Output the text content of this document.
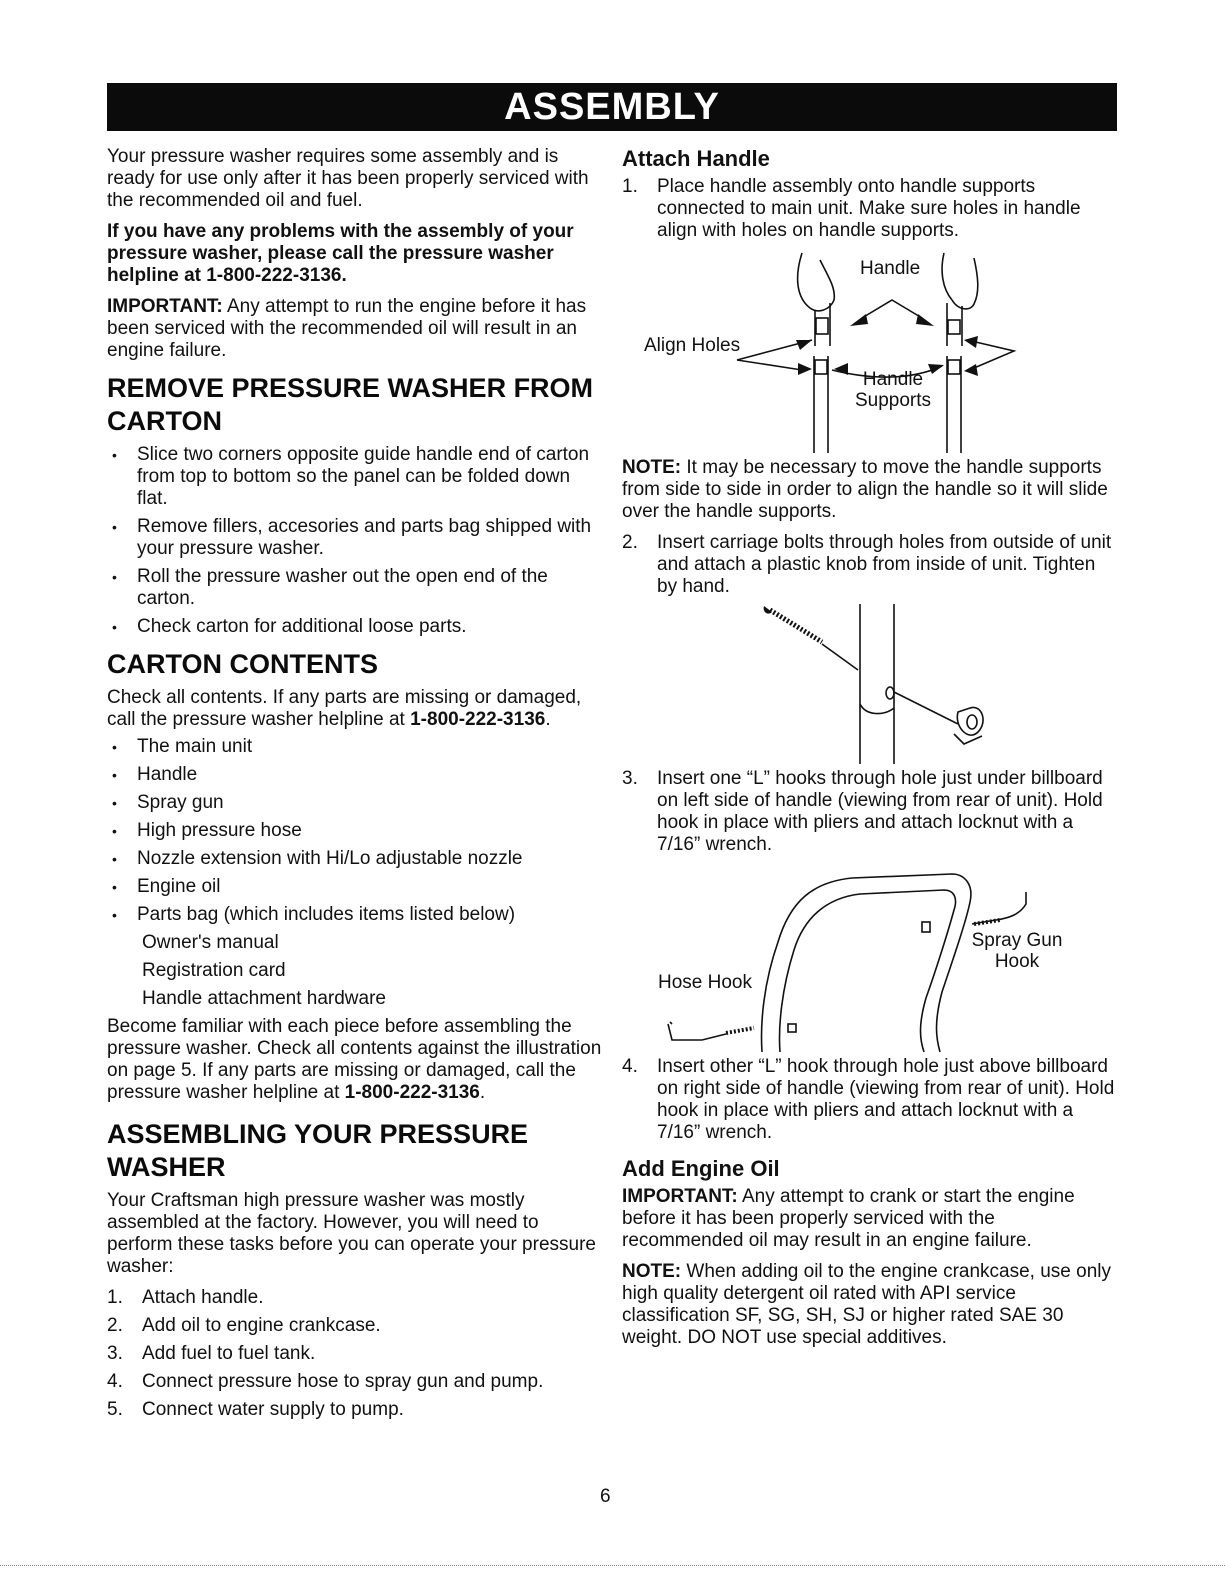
ASSEMBLY

Your pressure washer requires some assembly and is ready for use only after it has been properly serviced with the recommended oil and fuel.

If you have any problems with the assembly of your pressure washer, please call the pressure washer helpline at 1-800-222-3136.

IMPORTANT: Any attempt to run the engine before it has been serviced with the recommended oil will result in an engine failure.

REMOVE PRESSURE WASHER FROM CARTON
• Slice two corners opposite guide handle end of carton from top to bottom so the panel can be folded down flat.
• Remove fillers, accesories and parts bag shipped with your pressure washer.
• Roll the pressure washer out the open end of the carton.
• Check carton for additional loose parts.
CARTON CONTENTS

Check all contents. If any parts are missing or damaged, call the pressure washer helpline at 1-800-222-3136.

• The main unit
• Handle
• Spray gun
• High pressure hose
• Nozzle extension with Hi/Lo adjustable nozzle
• Engine oil
• Parts bag (which includes items listed below)
Owner's manual
Registration card
Handle attachment hardware

Become familiar with each piece before assembling the pressure washer. Check all contents against the illustration on page 5. If any parts are missing or damaged, call the pressure washer helpline at 1-800-222-3136.

ASSEMBLING YOUR PRESSURE WASHER

Your Craftsman high pressure washer was mostly assembled at the factory. However, you will need to perform these tasks before you can operate your pressure washer:

1. Attach handle.
2. Add oil to engine crankcase.
3. Add fuel to fuel tank.
4. Connect pressure hose to spray gun and pump.
5. Connect water supply to pump.
Attach Handle
1. Place handle assembly onto handle supports connected to main unit. Make sure holes in handle align with holes on handle supports.
Handle
Align Holes
Handle Supports

NOTE: It may be necessary to move the handle supports from side to side in order to align the handle so it will slide over the handle supports.

2. Insert carriage bolts through holes from outside of unit and attach a plastic knob from inside of unit. Tighten by hand.
3. Insert one “L” hooks through hole just under billboard on left side of handle (viewing from rear of unit). Hold hook in place with pliers and attach locknut with a 7/16” wrench.
Spray Gun Hook
Hose Hook
4. Insert other “L” hook through hole just above billboard on right side of handle (viewing from rear of unit). Hold hook in place with pliers and attach locknut with a 7/16” wrench.
Add Engine Oil

IMPORTANT: Any attempt to crank or start the engine before it has been properly serviced with the recommended oil may result in an engine failure.

NOTE: When adding oil to the engine crankcase, use only high quality detergent oil rated with API service classification SF, SG, SH, SJ or higher rated SAE 30 weight. DO NOT use special additives.

6
